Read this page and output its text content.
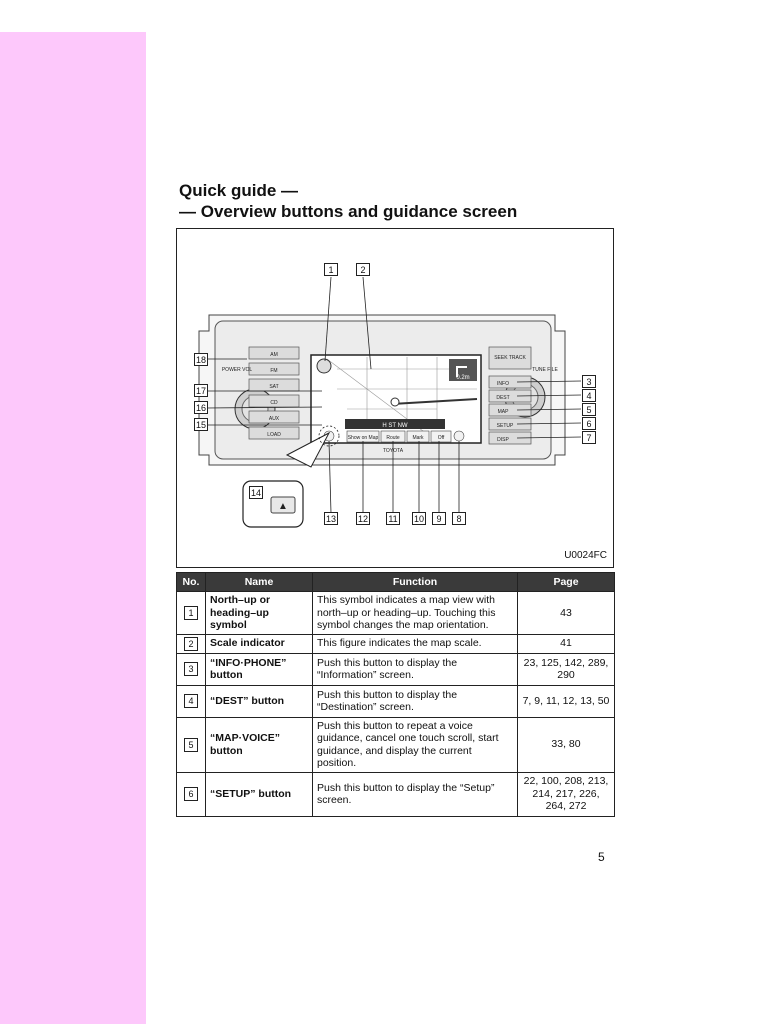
Quick guide —
— Overview buttons and guidance screen
▲
AM
FM
SAT
CD
AUX
LOAD
POWER VOL
INFO
DEST
MAP
SETUP
DISP
SEEK TRACK
TUNE FILE
Show on Map Route	Mark	Off
TOYOTA
H ST NW
0.2m
1	2
3
4
5
6
7
8
9
10
11
12
13
14
15
16
17
18
U0024FC
No.	Name	Function	Page
1	North–up or heading–up symbol	This symbol indicates a map view with north–up or heading–up. Touching this symbol changes the map orientation.	43
2	Scale indicator	This figure indicates the map scale.	41
3	“INFO·PHONE” button	Push this button to display the “Information” screen.	23, 125, 142, 289, 290
4	“DEST” button	Push this button to display the “Destination” screen.	7, 9, 11, 12, 13, 50
5	“MAP·VOICE” button	Push this button to repeat a voice guidance, cancel one touch scroll, start guidance, and display the current position.	33, 80
6	“SETUP” button	Push this button to display the “Setup” screen.	22, 100, 208, 213, 214, 217, 226, 264, 272
5
